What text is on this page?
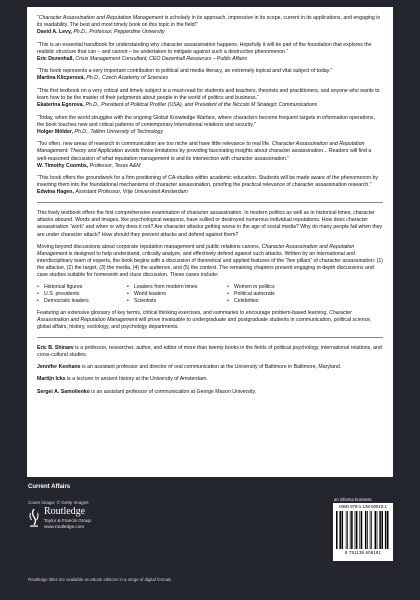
“Character Assassination and Reputation Management is scholarly in its approach, impressive in its scope, current in its applications, and engaging in its readability. The best and most timely book on this topic in the field!”
David A. Levy, Ph.D., Professor, Pepperdine University
“This is an essential handbook for understanding why character assassination happens. Hopefully it will be part of the foundation that explores the realistic structure that can – and cannot – be undertaken to mitigate against such a destructive phenomenon.”
Eric Dezenhall, Crisis Management Consultant, CEO Dezenhall Resources – Public Affairs
“This book represents a very important contribution to political and media literacy, an extremely topical and vital subject of today.”
Martina Klicperová, Ph.D., Czech Academy of Sciences
“This first textbook on a very critical and timely subject is a must-read for students and teachers, theorists and practitioners, and anyone who wants to learn how to be the master of their judgments about people in the world of politics and business.”
Ekaterina Egorova, Ph.D., President of Political Profiler (USA), and President of the Niccolo M Strategic Communications
“Today, when the world struggles with the ongoing Global Knowledge Warfare, where characters become frequent targets in information operations, the book touches new and critical patterns of contemporary international relations and security.”
Holger Mölder, Ph.D., Tallinn University of Technology
“Too often, new areas of research in communication are too niche and have little relevance to real life. Character Assassination and Reputation Management: Theory and Application avoids those limitations by providing fascinating insights about character assassination... Readers will find a well-reasoned discussion of what reputation management is and its intersection with character assassination.”
W. Timothy Coombs, Professor, Texas A&M
“This book offers the groundwork for a firm positioning of CA-studies within academic education. Students will be made aware of the phenomenon by inserting them into the foundational mechanisms of character assassination, proofing the practical relevance of character assassination research.”
Edwina Hagen, Assistant Professor, Vrije Universiteit Amsterdam

This lively textbook offers the first comprehensive examination of character assassination. In modern politics as well as in historical times, character attacks abound. Words and images, like psychological weapons, have sullied or destroyed numerous individual reputations. How does character assassination “work” and when or why does it not? Are character attacks getting worse in the age of social media? Why do many people fail when they are under character attack? How should they prevent attacks and defend against them?

Moving beyond discussions about corporate reputation management and public relations canons, Character Assassination and Reputation Management is designed to help understand, critically analyze, and effectively defend against such attacks. Written by an international and interdisciplinary team of experts, the book begins with a discussion of theoretical and applied features of the “five pillars” of character assassination: (1) the attacker, (2) the target, (3) the media, (4) the audience, and (5) the context. The remaining chapters present engaging in-depth discussions and case studies suitable for homework and class discussion. These cases include:

• Historical figures	• Leaders from modern times	• Women in politics
• U.S. presidents	• World leaders	• Political autocrats
• Democratic leaders	• Scientists	• Celebrities

Featuring an extensive glossary of key terms, critical thinking exercises, and summaries to encourage problem-based learning, Character Assassination and Reputation Management will prove invaluable to undergraduate and postgraduate students in communication, political science, global affairs, history, sociology, and psychology departments.

Eric B. Shiraev is a professor, researcher, author, and editor of more than twenty books in the fields of political psychology, international relations, and cross-cultural studies.

Jennifer Keohane is an assistant professor and director of oral communication at the University of Baltimore in Baltimore, Maryland.

Martijn Icks is a lecturer in ancient history at the University of Amsterdam.

Sergei A. Samoilenko is an assistant professor of communication at George Mason University.

Current Affairs
Cover image: © Getty Images
Routledge
Taylor & Francis Group
www.routledge.com
an informa business
ISBN 978-1-138-60918-1
9 781138 609181
Routledge titles are available as eBook editions in a range of digital formats
